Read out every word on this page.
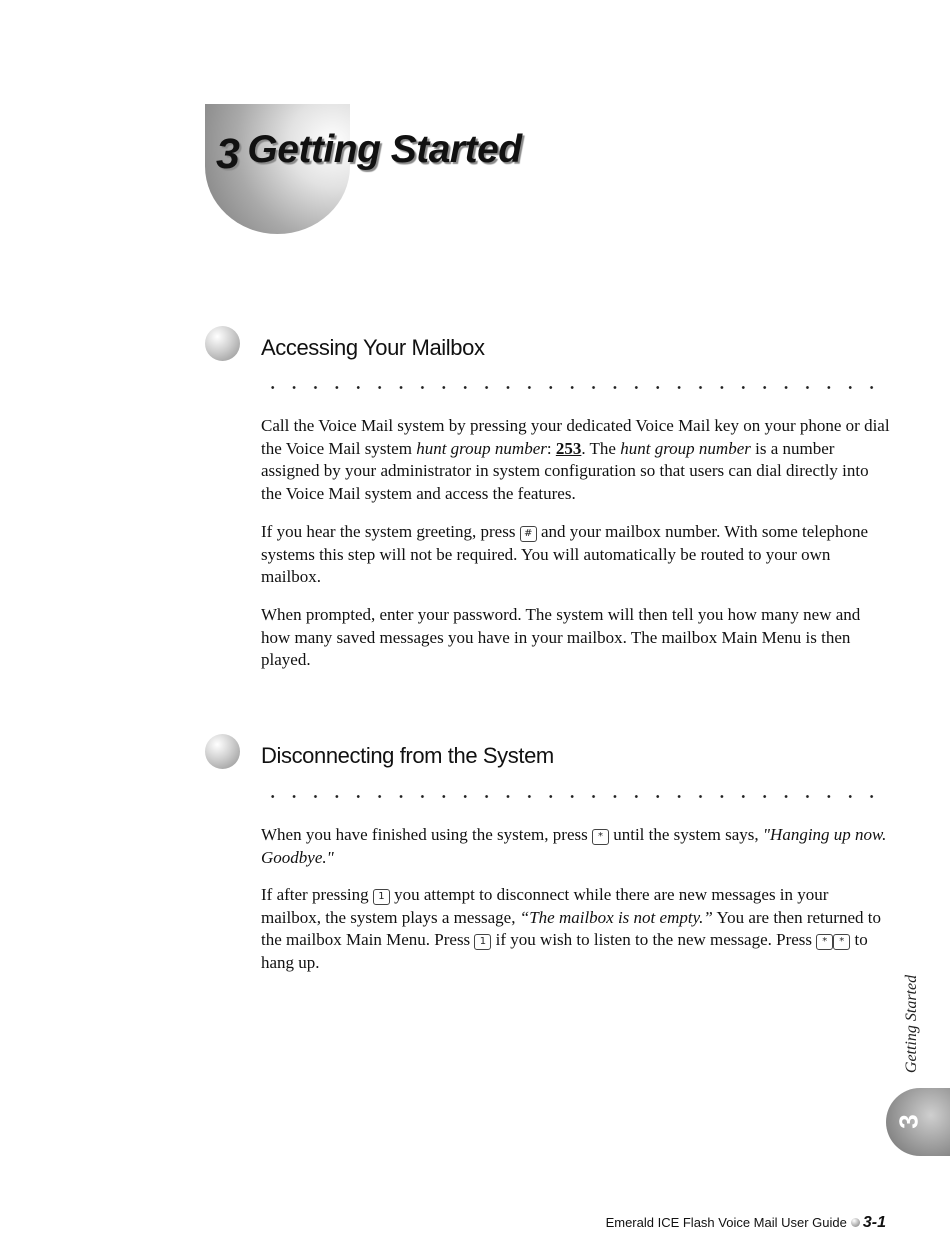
3 Getting Started
Accessing Your Mailbox

Call the Voice Mail system by pressing your dedicated Voice Mail key on your phone or dial the Voice Mail system hunt group number: 253. The hunt group number is a number assigned by your administrator in system configuration so that users can dial directly into the Voice Mail system and access the features.

If you hear the system greeting, press # and your mailbox number. With some telephone systems this step will not be required. You will automatically be routed to your own mailbox.

When prompted, enter your password. The system will then tell you how many new and how many saved messages you have in your mailbox. The mailbox Main Menu is then played.

Disconnecting from the System

When you have finished using the system, press * until the system says, "Hanging up now. Goodbye."

If after pressing 1 you attempt to disconnect while there are new messages in your mailbox, the system plays a message, “The mailbox is not empty.” You are then returned to the mailbox Main Menu. Press 1 if you wish to listen to the new message. Press * * to hang up.

Getting Started
3
Emerald ICE Flash Voice Mail User Guide 3-1
